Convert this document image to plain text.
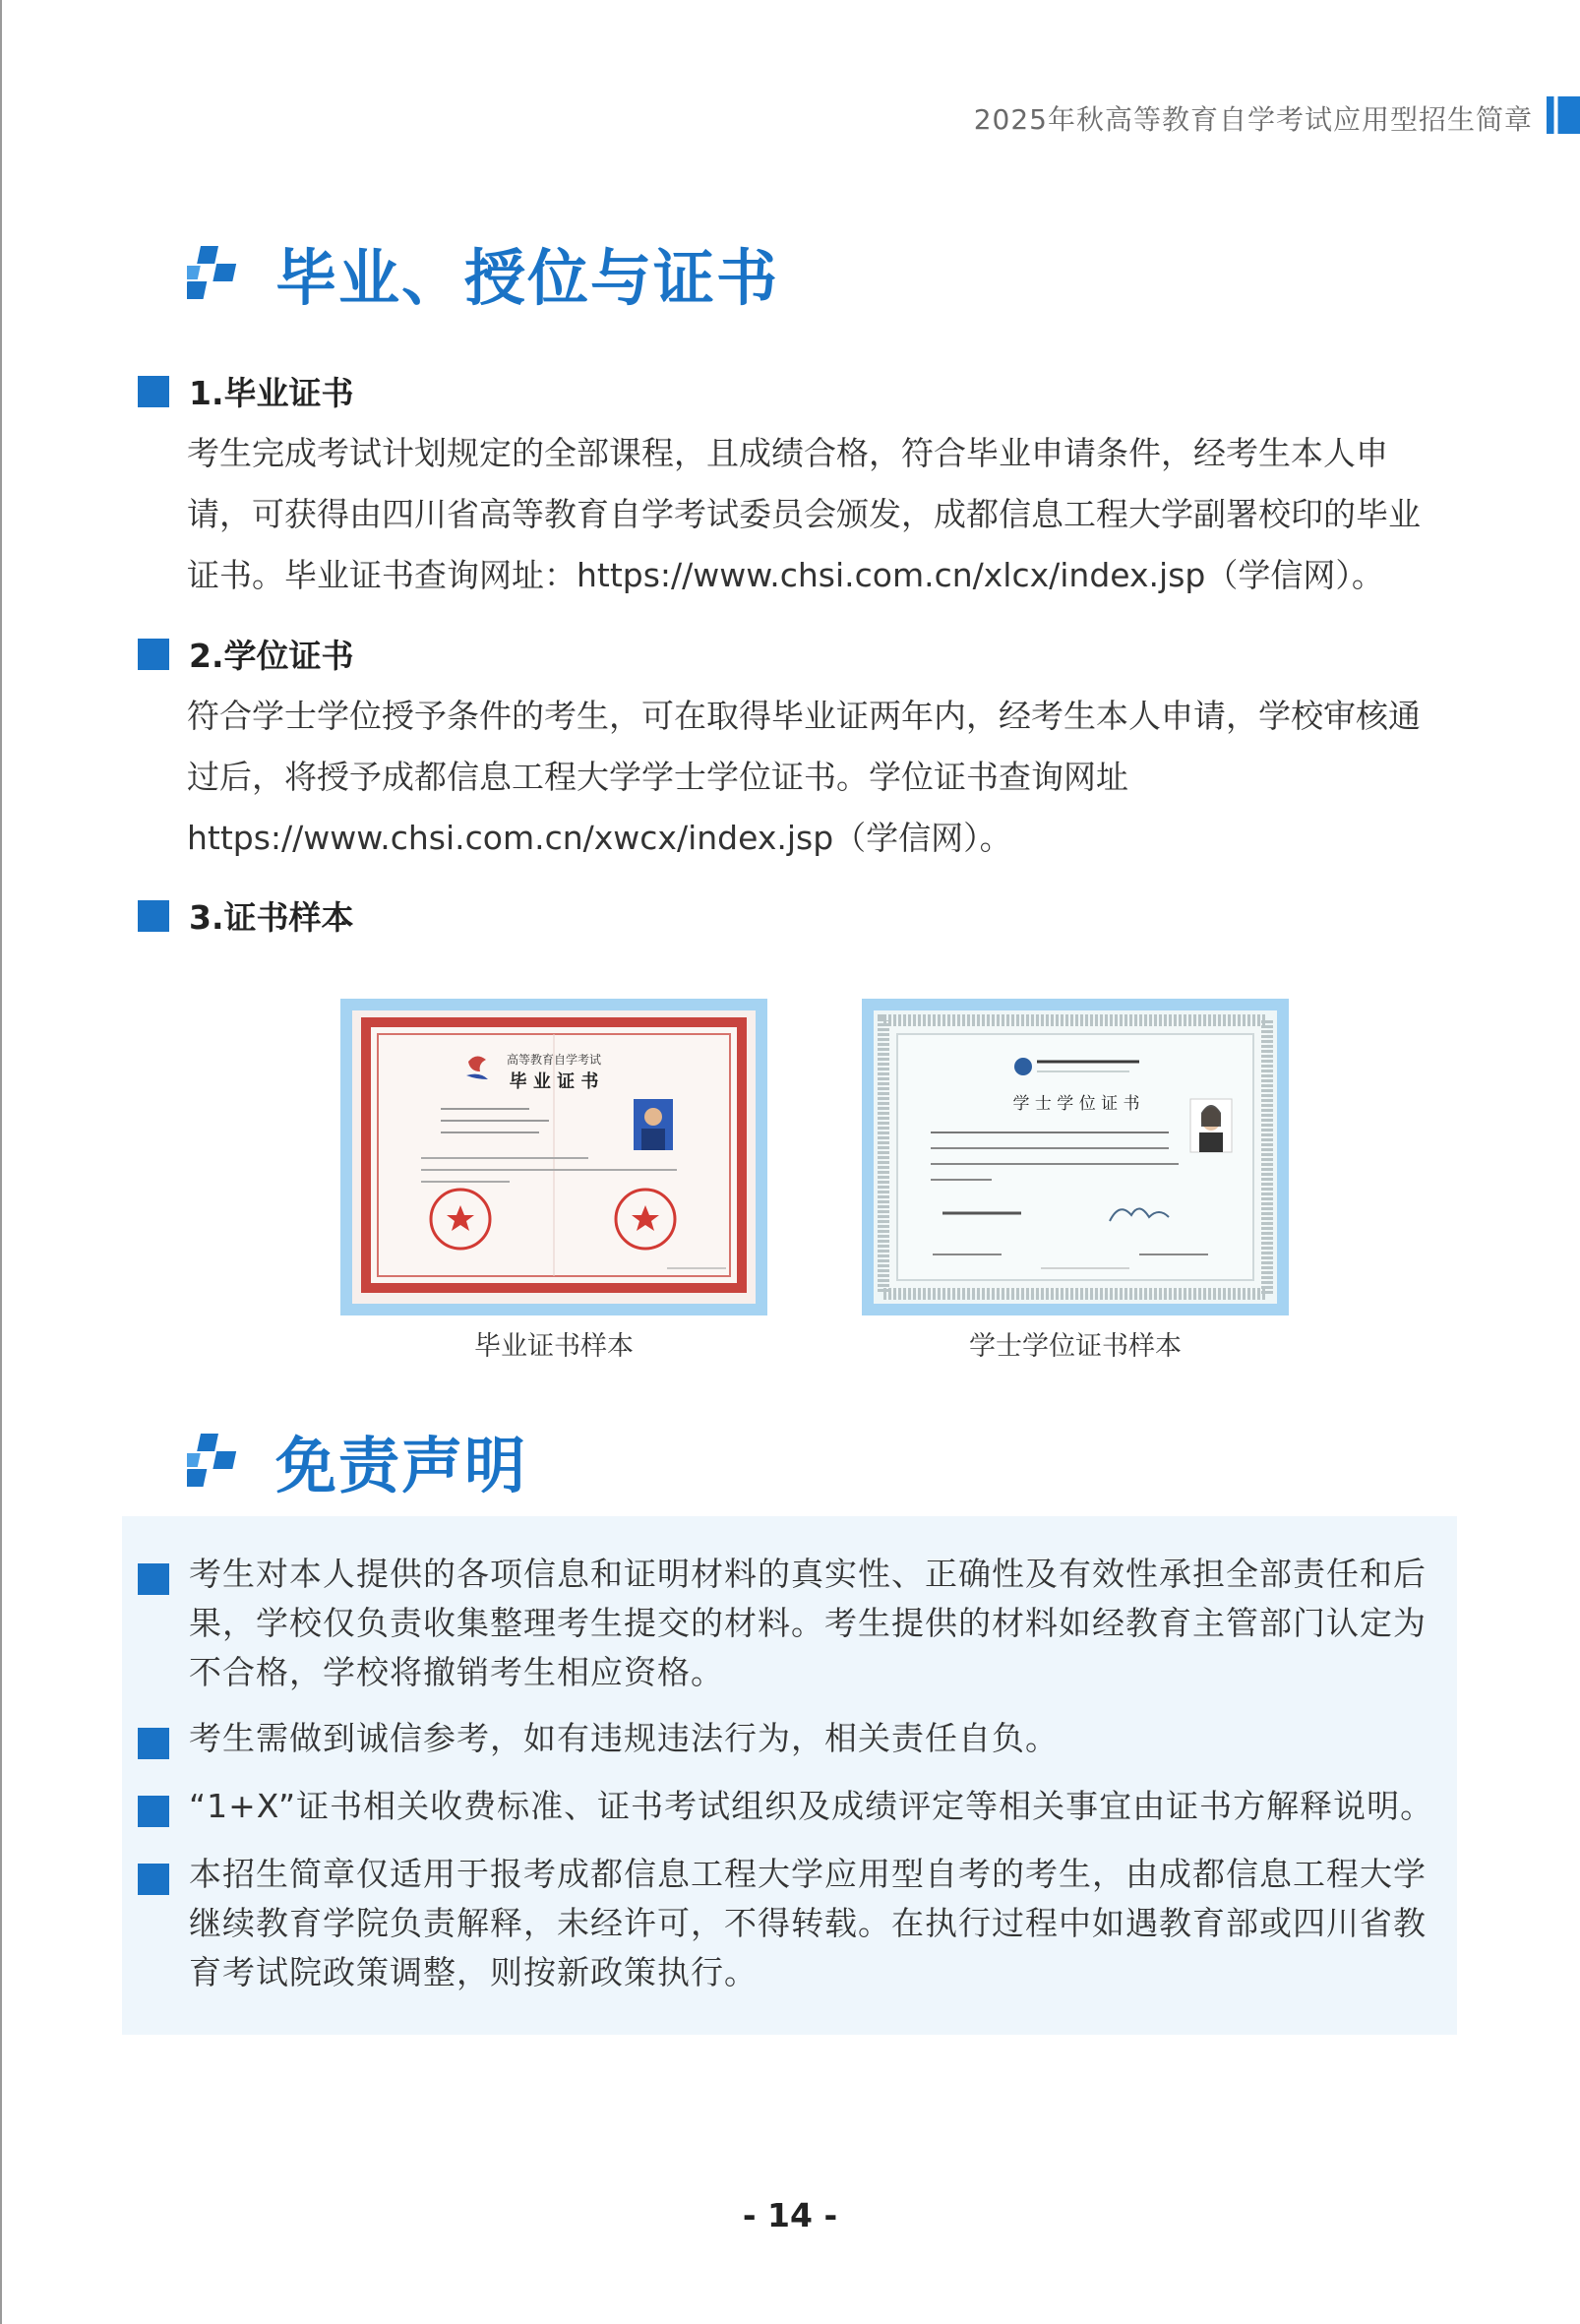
2025年秋高等教育自学考试应用型招生简章
毕业、授位与证书
1.毕业证书
考生完成考试计划规定的全部课程，且成绩合格，符合毕业申请条件，经考生本人申请，可获得由四川省高等教育自学考试委员会颁发，成都信息工程大学副署校印的毕业证书。毕业证书查询网址：https://www.chsi.com.cn/xlcx/index.jsp（学信网）。
2.学位证书
符合学士学位授予条件的考生，可在取得毕业证两年内，经考生本人申请，学校审核通过后，将授予成都信息工程大学学士学位证书。学位证书查询网址https://www.chsi.com.cn/xwcx/index.jsp（学信网）。
3.证书样本
高等教育自学考试
毕 业 证 书
毕业证书样本
学 士 学 位 证 书
学士学位证书样本
免责声明
考生对本人提供的各项信息和证明材料的真实性、正确性及有效性承担全部责任和后果，学校仅负责收集整理考生提交的材料。考生提供的材料如经教育主管部门认定为不合格，学校将撤销考生相应资格。
考生需做到诚信参考，如有违规违法行为，相关责任自负。
“1+X”证书相关收费标准、证书考试组织及成绩评定等相关事宜由证书方解释说明。
本招生简章仅适用于报考成都信息工程大学应用型自考的考生，由成都信息工程大学继续教育学院负责解释，未经许可，不得转载。在执行过程中如遇教育部或四川省教育考试院政策调整，则按新政策执行。
- 14 -
